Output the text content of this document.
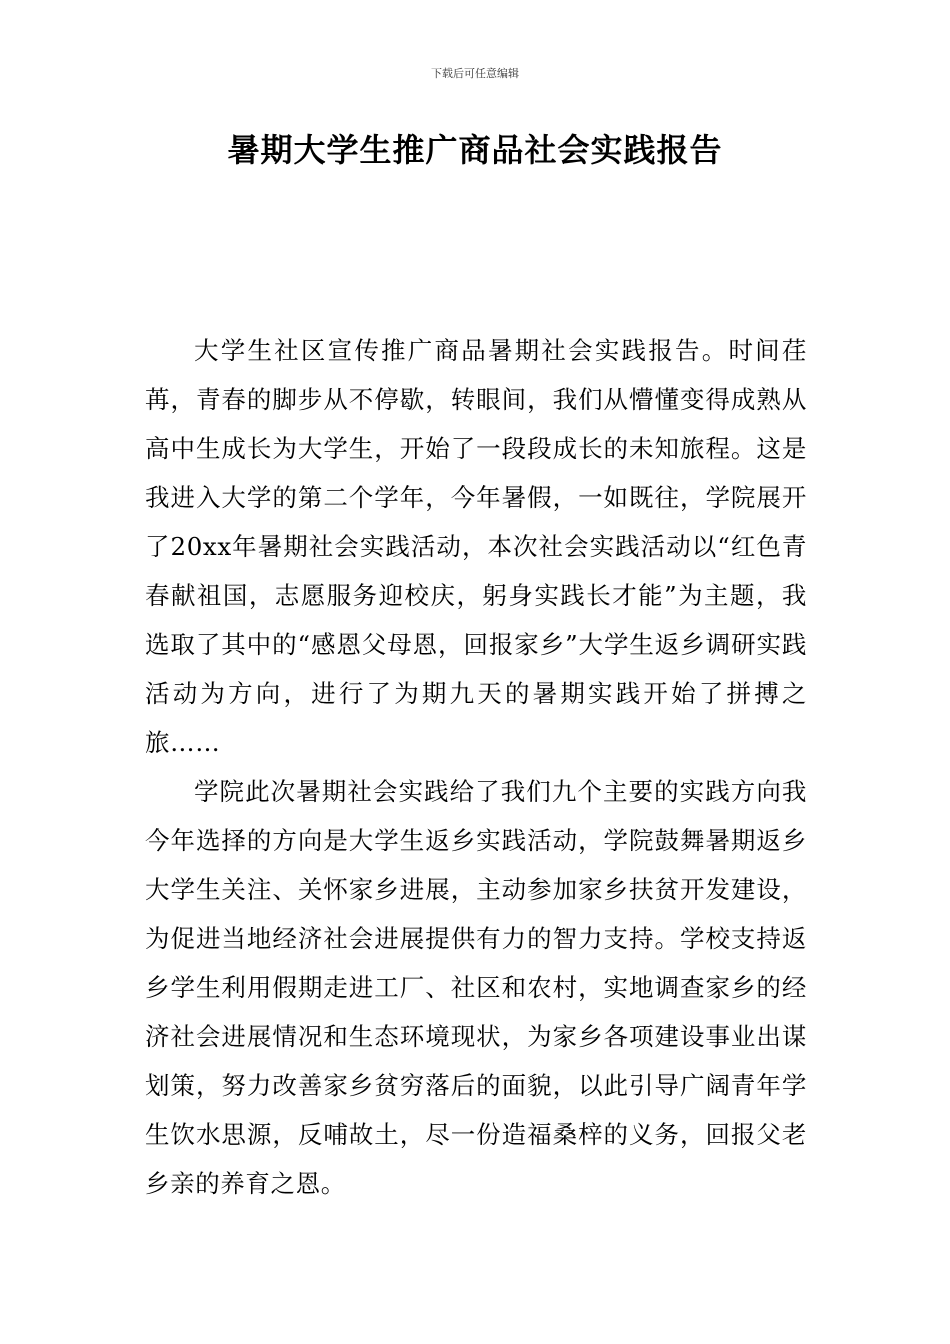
下载后可任意编辑
暑期大学生推广商品社会实践报告

大学生社区宣传推广商品暑期社会实践报告。时间荏苒，青春的脚步从不停歇，转眼间，我们从懵懂变得成熟从高中生成长为大学生，开始了一段段成长的未知旅程。这是我进入大学的第二个学年，今年暑假，一如既往，学院展开了20xx年暑期社会实践活动，本次社会实践活动以“红色青春献祖国，志愿服务迎校庆，躬身实践长才能”为主题，我选取了其中的“感恩父母恩，回报家乡”大学生返乡调研实践活动为方向，进行了为期九天的暑期实践开始了拼搏之旅……

学院此次暑期社会实践给了我们九个主要的实践方向我今年选择的方向是大学生返乡实践活动，学院鼓舞暑期返乡大学生关注、关怀家乡进展，主动参加家乡扶贫开发建设，为促进当地经济社会进展提供有力的智力支持。学校支持返乡学生利用假期走进工厂、社区和农村，实地调查家乡的经济社会进展情况和生态环境现状，为家乡各项建设事业出谋划策，努力改善家乡贫穷落后的面貌，以此引导广阔青年学生饮水思源，反哺故土，尽一份造福桑梓的义务，回报父老乡亲的养育之恩。
